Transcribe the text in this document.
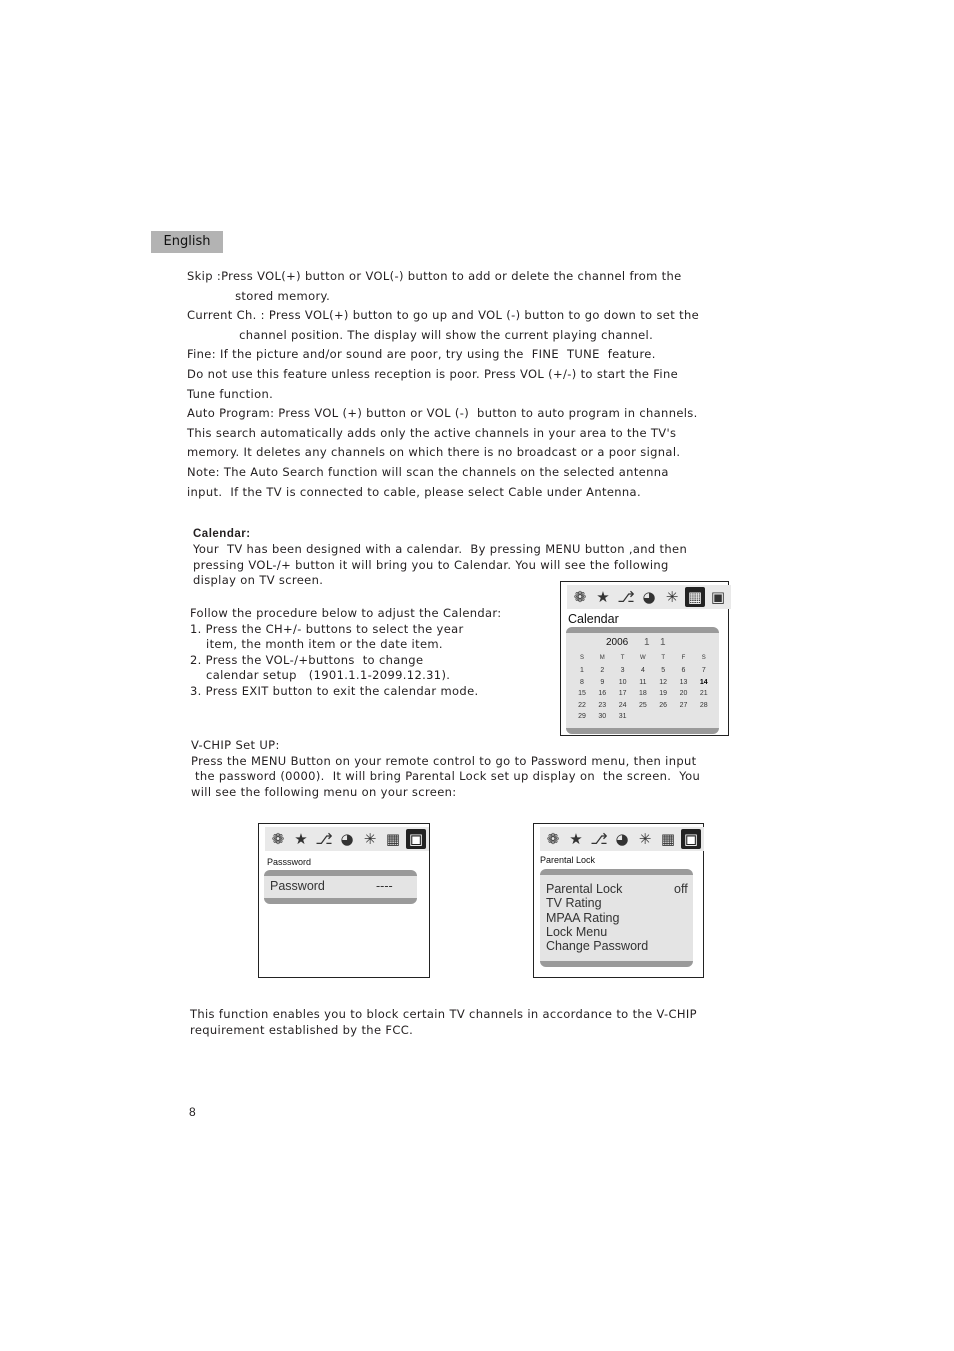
English
Skip :Press VOL(+) button or VOL(-) button to add or delete the channel from the
stored memory.
Current Ch. : Press VOL(+) button to go up and VOL (-) button to go down to set the
channel position. The display will show the current playing channel.
Fine: If the picture and/or sound are poor, try using the  FINE  TUNE  feature.
Do not use this feature unless reception is poor. Press VOL (+/-) to start the Fine
Tune function.
Auto Program: Press VOL (+) button or VOL (-)  button to auto program in channels.
This search automatically adds only the active channels in your area to the TV's
memory. It deletes any channels on which there is no broadcast or a poor signal.
Note: The Auto Search function will scan the channels on the selected antenna
input.  If the TV is connected to cable, please select Cable under Antenna.
Calendar:
Your  TV has been designed with a calendar.  By pressing MENU button ,and then
pressing VOL-/+ button it will bring you to Calendar. You will see the following
display on TV screen.
Follow the procedure below to adjust the Calendar:
1. Press the CH+/- buttons to select the year
item, the month item or the date item.
2. Press the VOL-/+buttons  to change
calendar setup   (1901.1.1-2099.12.31).
3. Press EXIT button to exit the calendar mode.
❁ ★ ⎇ ◕ ✳ ▦ ▣
Calendar
2006 1 1
S	M	T	W	T	F	S
1	2	3	4	5	6	7
8	9	10	11	12	13	14
15	16	17	18	19	20	21
22	23	24	25	26	27	28
29	30	31
V-CHIP Set UP:
Press the MENU Button on your remote control to go to Password menu, then input
the password (0000).  It will bring Parental Lock set up display on  the screen.  You
will see the following menu on your screen:
❁ ★ ⎇ ◕ ✳ ▦ ▣
Passsword
Password	----
❁ ★ ⎇ ◕ ✳ ▦ ▣
Parental Lock
Parental Lock	off
TV Rating
MPAA Rating
Lock Menu
Change Password
This function enables you to block certain TV channels in accordance to the V-CHIP
requirement established by the FCC.
8
